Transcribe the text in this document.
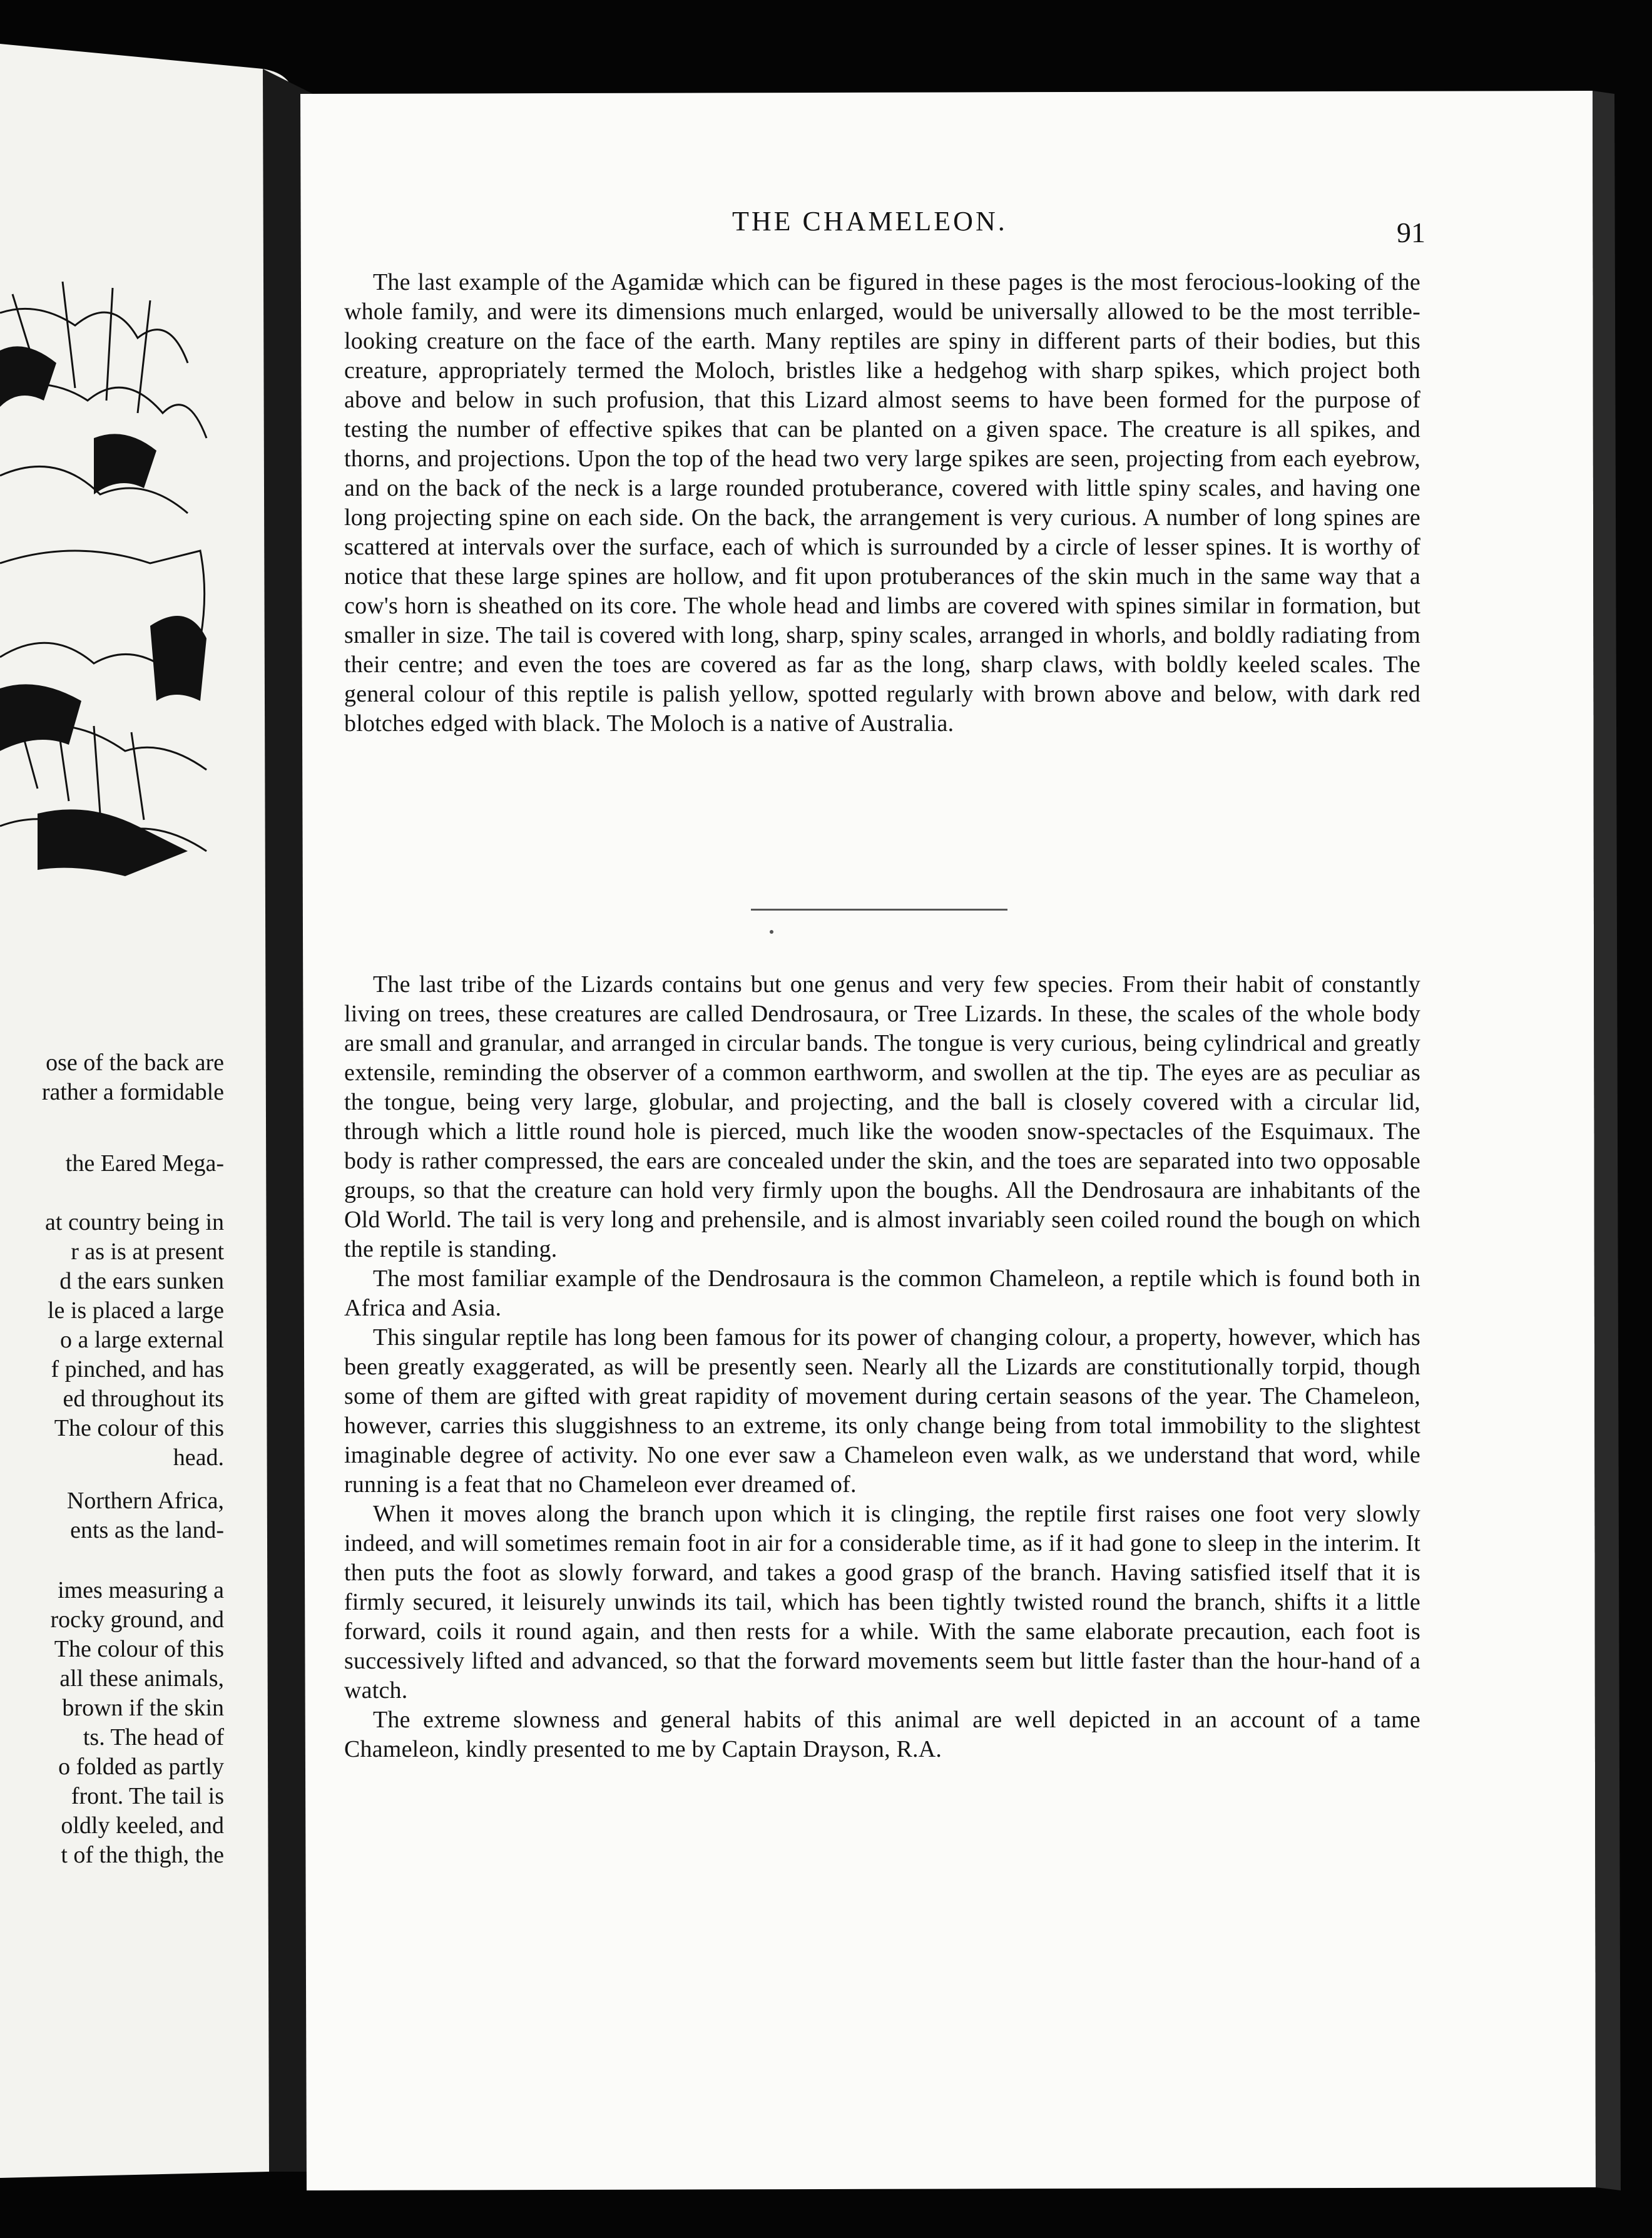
ose of the back are
rather a formidable
the Eared Mega-
at country being in
r as is at present
d the ears sunken
le is placed a large
o a large external
f pinched, and has
ed throughout its
The colour of this
head.
Northern Africa,
ents as the land-
imes measuring a
rocky ground, and
The colour of this
all these animals,
brown if the skin
ts. The head of
o folded as partly
front. The tail is
oldly keeled, and
t of the thigh, the
THE CHAMELEON.	91

The last example of the Agamidæ which can be figured in these pages is the most ferocious-looking of the whole family, and were its dimensions much enlarged, would be universally allowed to be the most terrible-looking creature on the face of the earth. Many reptiles are spiny in different parts of their bodies, but this creature, appropriately termed the Moloch, bristles like a hedgehog with sharp spikes, which project both above and below in such profusion, that this Lizard almost seems to have been formed for the purpose of testing the number of effective spikes that can be planted on a given space. The creature is all spikes, and thorns, and projections. Upon the top of the head two very large spikes are seen, projecting from each eyebrow, and on the back of the neck is a large rounded protuberance, covered with little spiny scales, and having one long projecting spine on each side. On the back, the arrangement is very curious. A number of long spines are scattered at intervals over the surface, each of which is surrounded by a circle of lesser spines. It is worthy of notice that these large spines are hollow, and fit upon protuberances of the skin much in the same way that a cow's horn is sheathed on its core. The whole head and limbs are covered with spines similar in formation, but smaller in size. The tail is covered with long, sharp, spiny scales, arranged in whorls, and boldly radiating from their centre; and even the toes are covered as far as the long, sharp claws, with boldly keeled scales. The general colour of this reptile is palish yellow, spotted regularly with brown above and below, with dark red blotches edged with black. The Moloch is a native of Australia.

The last tribe of the Lizards contains but one genus and very few species. From their habit of constantly living on trees, these creatures are called Dendrosaura, or Tree Lizards. In these, the scales of the whole body are small and granular, and arranged in circular bands. The tongue is very curious, being cylindrical and greatly extensile, reminding the observer of a common earthworm, and swollen at the tip. The eyes are as peculiar as the tongue, being very large, globular, and projecting, and the ball is closely covered with a circular lid, through which a little round hole is pierced, much like the wooden snow-spectacles of the Esquimaux. The body is rather compressed, the ears are concealed under the skin, and the toes are separated into two opposable groups, so that the creature can hold very firmly upon the boughs. All the Dendrosaura are inhabitants of the Old World. The tail is very long and prehensile, and is almost invariably seen coiled round the bough on which the reptile is standing.

The most familiar example of the Dendrosaura is the common Chameleon, a reptile which is found both in Africa and Asia.

This singular reptile has long been famous for its power of changing colour, a property, however, which has been greatly exaggerated, as will be presently seen. Nearly all the Lizards are constitutionally torpid, though some of them are gifted with great rapidity of movement during certain seasons of the year. The Chameleon, however, carries this sluggishness to an extreme, its only change being from total immobility to the slightest imaginable degree of activity. No one ever saw a Chameleon even walk, as we understand that word, while running is a feat that no Chameleon ever dreamed of.

When it moves along the branch upon which it is clinging, the reptile first raises one foot very slowly indeed, and will sometimes remain foot in air for a considerable time, as if it had gone to sleep in the interim. It then puts the foot as slowly forward, and takes a good grasp of the branch. Having satisfied itself that it is firmly secured, it leisurely unwinds its tail, which has been tightly twisted round the branch, shifts it a little forward, coils it round again, and then rests for a while. With the same elaborate precaution, each foot is successively lifted and advanced, so that the forward movements seem but little faster than the hour-hand of a watch.

The extreme slowness and general habits of this animal are well depicted in an account of a tame Chameleon, kindly presented to me by Captain Drayson, R.A.
